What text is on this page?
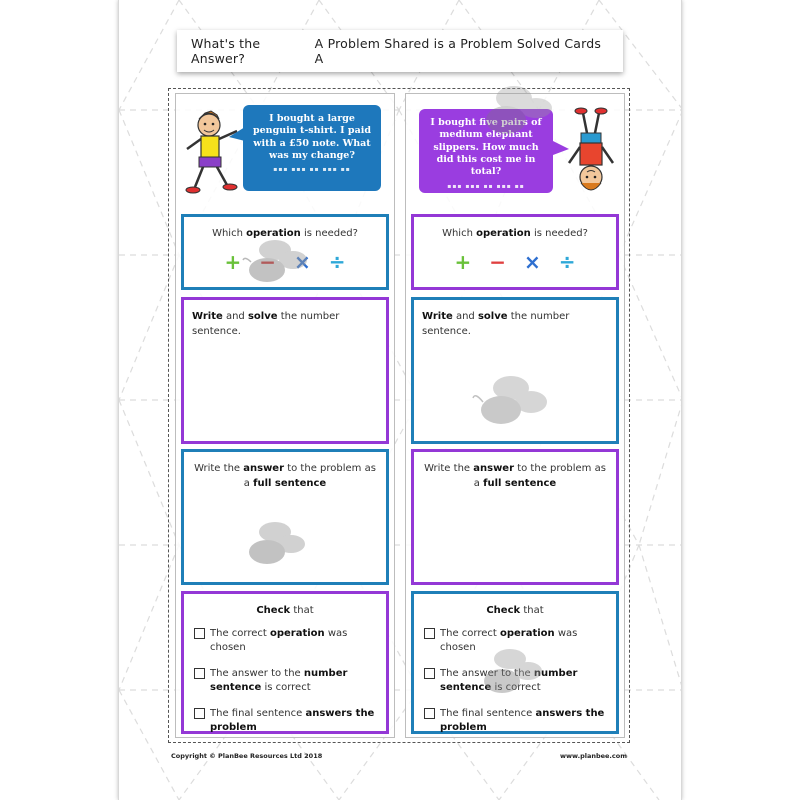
What's the Answer?
A Problem Shared is a Problem Solved Cards A
I bought a large penguin t-shirt. I paid with a £50 note. What was my change?
▪▪▪ ▪▪▪ ▪▪ ▪▪▪ ▪▪
Which operation is needed?
+ − × ÷
Write and solve the number sentence.
Write the answer to the problem as a full sentence
Check that
The correct operation was chosen
The answer to the number sentence is correct
The final sentence answers the problem
I bought five pairs of medium elephant slippers. How much did this cost me in total?
▪▪▪ ▪▪▪ ▪▪ ▪▪▪ ▪▪
Which operation is needed?
+ − × ÷
Write and solve the number sentence.
Write the answer to the problem as a full sentence
Check that
The correct operation was chosen
The answer to the number sentence is correct
The final sentence answers the problem
Copyright © PlanBee Resources Ltd 2018	www.planbee.com
